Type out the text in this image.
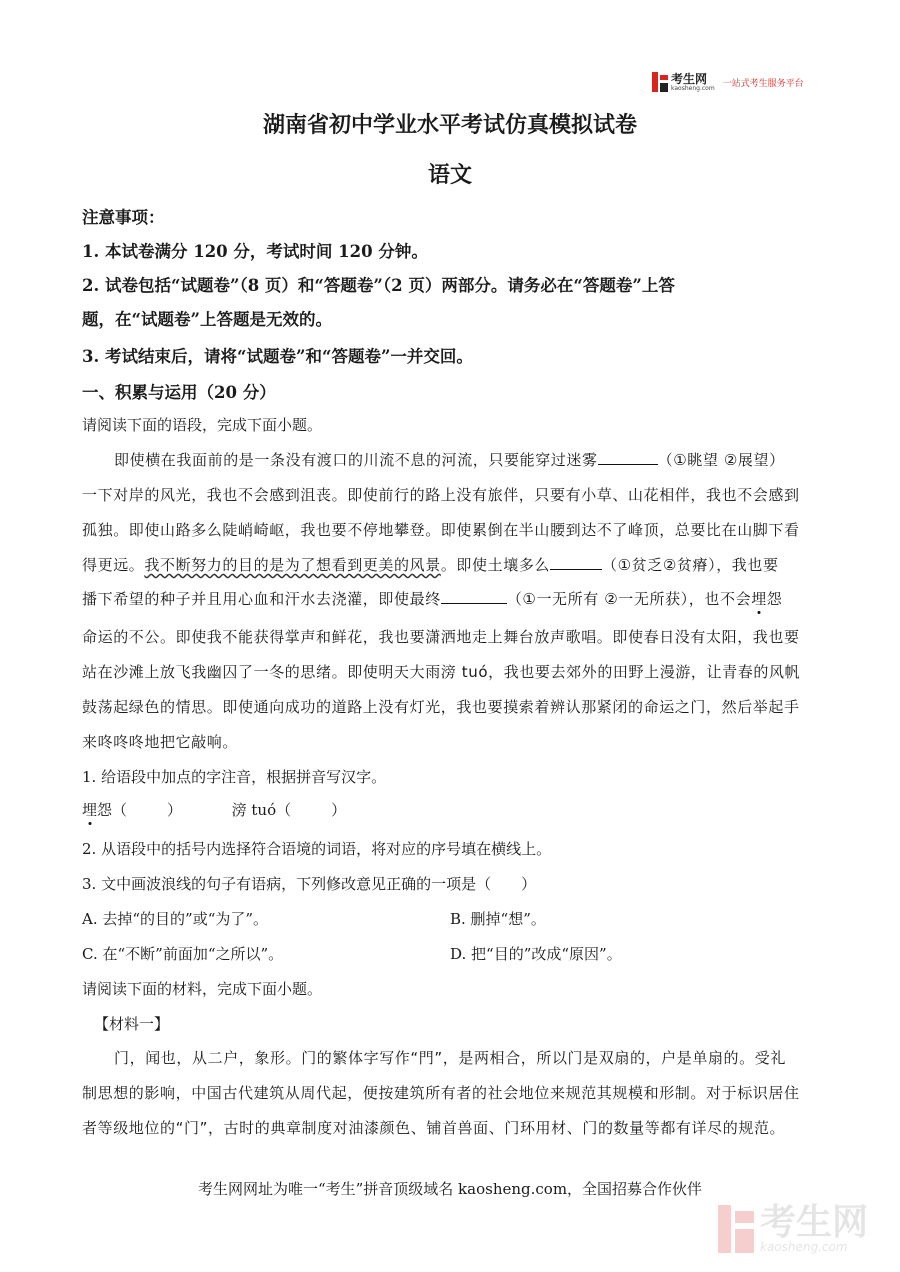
考生网
kaosheng.com 一站式考生服务平台
湖南省初中学业水平考试仿真模拟试卷
语文
注意事项：
1. 本试卷满分 120 分，考试时间 120 分钟。
2. 试卷包括“试题卷”（8 页）和“答题卷”（2 页）两部分。请务必在“答题卷”上答
题，在“试题卷”上答题是无效的。
3. 考试结束后，请将“试题卷”和“答题卷”一并交回。
一、积累与运用（20 分）
请阅读下面的语段，完成下面小题。
即使横在我面前的是一条没有渡口的川流不息的河流，只要能穿过迷雾	（①眺望 ②展望）
一下对岸的风光，我也不会感到沮丧。即使前行的路上没有旅伴，只要有小草、山花相伴，我也不会感到
孤独。即使山路多么陡峭崎岖，我也要不停地攀登。即使累倒在半山腰到达不了峰顶，总要比在山脚下看
得更远。我不断努力的目的是为了想看到更美的风景。即使土壤多么	（①贫乏②贫瘠），我也要
播下希望的种子并且用心血和汗水去浇灌，即使最终	（①一无所有 ②一无所获），也不会埋怨
命运的不公。即使我不能获得掌声和鲜花，我也要潇洒地走上舞台放声歌唱。即使春日没有太阳，我也要
站在沙滩上放飞我幽囚了一冬的思绪。即使明天大雨滂 tuó，我也要去郊外的田野上漫游，让青春的风帆
鼓荡起绿色的情思。即使通向成功的道路上没有灯光，我也要摸索着辨认那紧闭的命运之门，然后举起手
来咚咚咚地把它敲响。
1. 给语段中加点的字注音，根据拼音写汉字。
埋怨（	）	滂 tuó（	）
2. 从语段中的括号内选择符合语境的词语，将对应的序号填在横线上。
3. 文中画波浪线的句子有语病，下列修改意见正确的一项是（　　）
A. 去掉“的目的”或“为了”。	B. 删掉“想”。
C. 在“不断”前面加“之所以”。	D. 把“目的”改成“原因”。
请阅读下面的材料，完成下面小题。
【材料一】
门，闻也，从二户，象形。门的繁体字写作“門”，是两相合，所以门是双扇的，户是单扇的。受礼
制思想的影响，中国古代建筑从周代起，便按建筑所有者的社会地位来规范其规模和形制。对于标识居住
者等级地位的“门”，古时的典章制度对油漆颜色、铺首兽面、门环用材、门的数量等都有详尽的规范。
考生网网址为唯一“考生”拼音顶级域名 kaosheng.com，全国招募合作伙伴
考生网
kaosheng.com
